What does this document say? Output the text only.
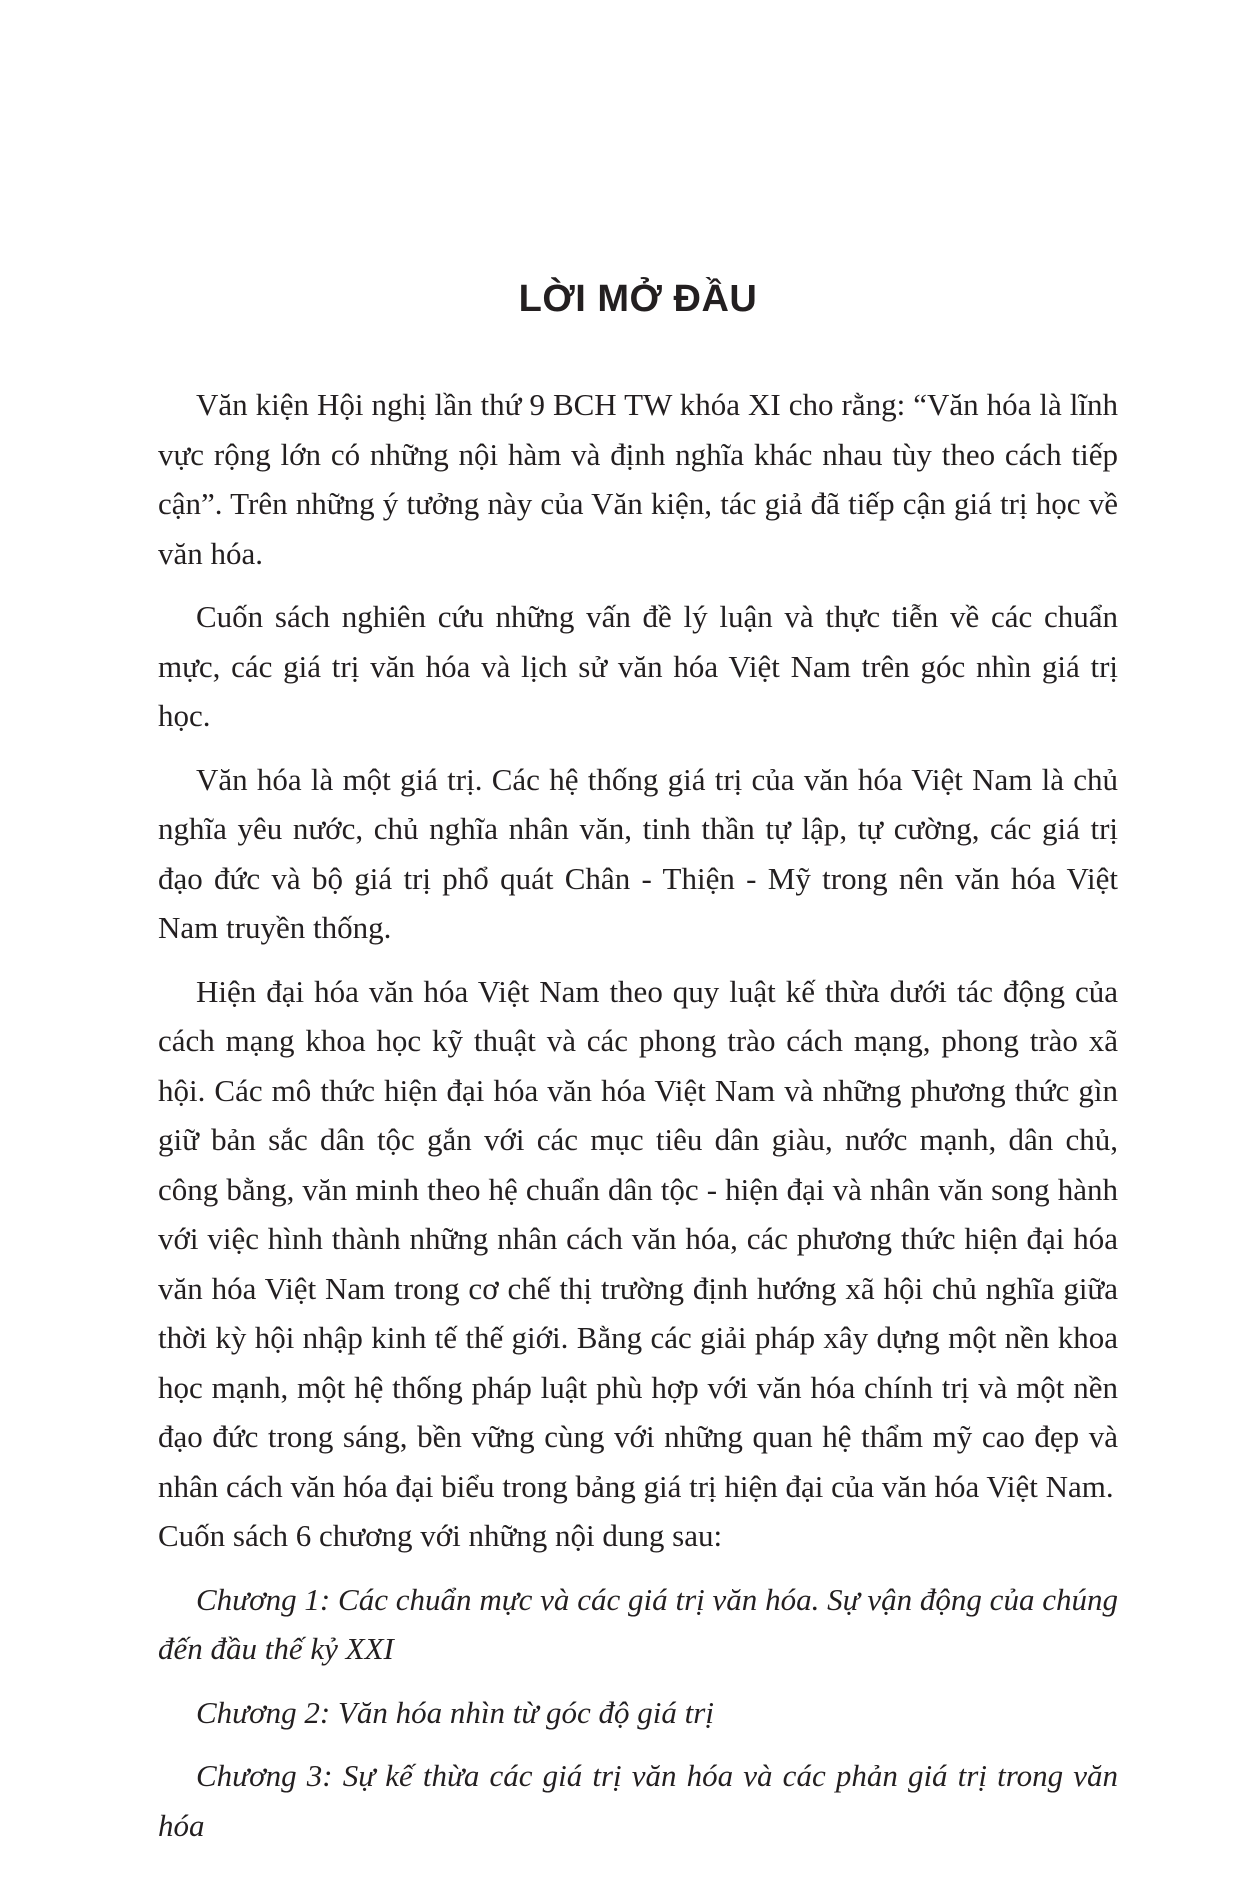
LỜI MỞ ĐẦU

Văn kiện Hội nghị lần thứ 9 BCH TW khóa XI cho rằng: “Văn hóa là lĩnh vực rộng lớn có những nội hàm và định nghĩa khác nhau tùy theo cách tiếp cận”. Trên những ý tưởng này của Văn kiện, tác giả đã tiếp cận giá trị học về văn hóa.

Cuốn sách nghiên cứu những vấn đề lý luận và thực tiễn về các chuẩn mực, các giá trị văn hóa và lịch sử văn hóa Việt Nam trên góc nhìn giá trị học.

Văn hóa là một giá trị. Các hệ thống giá trị của văn hóa Việt Nam là chủ nghĩa yêu nước, chủ nghĩa nhân văn, tinh thần tự lập, tự cường, các giá trị đạo đức và bộ giá trị phổ quát Chân - Thiện - Mỹ trong nên văn hóa Việt Nam truyền thống.

Hiện đại hóa văn hóa Việt Nam theo quy luật kế thừa dưới tác động của cách mạng khoa học kỹ thuật và các phong trào cách mạng, phong trào xã hội. Các mô thức hiện đại hóa văn hóa Việt Nam và những phương thức gìn giữ bản sắc dân tộc gắn với các mục tiêu dân giàu, nước mạnh, dân chủ, công bằng, văn minh theo hệ chuẩn dân tộc - hiện đại và nhân văn song hành với việc hình thành những nhân cách văn hóa, các phương thức hiện đại hóa văn hóa Việt Nam trong cơ chế thị trường định hướng xã hội chủ nghĩa giữa thời kỳ hội nhập kinh tế thế giới. Bằng các giải pháp xây dựng một nền khoa học mạnh, một hệ thống pháp luật phù hợp với văn hóa chính trị và một nền đạo đức trong sáng, bền vững cùng với những quan hệ thẩm mỹ cao đẹp và nhân cách văn hóa đại biểu trong bảng giá trị hiện đại của văn hóa Việt Nam.

Cuốn sách 6 chương với những nội dung sau:

Chương 1: Các chuẩn mực và các giá trị văn hóa. Sự vận động của chúng đến đầu thế kỷ XXI

Chương 2: Văn hóa nhìn từ góc độ giá trị

Chương 3: Sự kế thừa các giá trị văn hóa và các phản giá trị trong văn hóa
